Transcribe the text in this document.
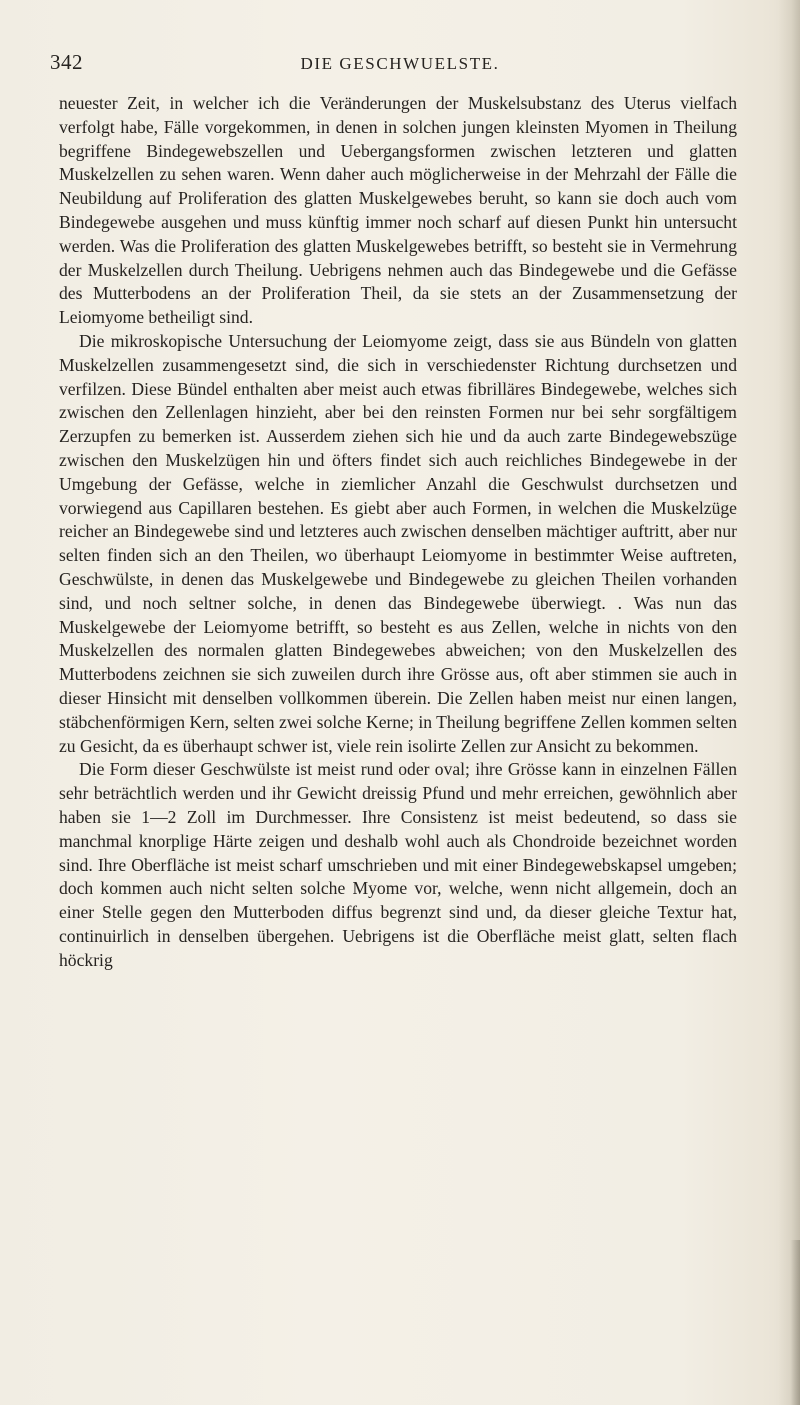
342	DIE GESCHWUELSTE.

neuester Zeit, in welcher ich die Veränderungen der Muskelsubstanz des Uterus vielfach verfolgt habe, Fälle vorgekommen, in denen in solchen jungen kleinsten Myomen in Theilung begriffene Bindegewebszellen und Uebergangsformen zwischen letzteren und glatten Muskelzellen zu sehen waren. Wenn daher auch möglicherweise in der Mehrzahl der Fälle die Neubildung auf Proliferation des glatten Muskelgewebes beruht, so kann sie doch auch vom Bindegewebe ausgehen und muss künftig immer noch scharf auf diesen Punkt hin untersucht werden. Was die Proliferation des glatten Muskelgewebes betrifft, so besteht sie in Vermehrung der Muskelzellen durch Theilung. Uebrigens nehmen auch das Bindegewebe und die Gefässe des Mutterbodens an der Proliferation Theil, da sie stets an der Zusammensetzung der Leiomyome betheiligt sind.

Die mikroskopische Untersuchung der Leiomyome zeigt, dass sie aus Bündeln von glatten Muskelzellen zusammengesetzt sind, die sich in verschiedenster Richtung durchsetzen und verfilzen. Diese Bündel enthalten aber meist auch etwas fibrilläres Bindegewebe, welches sich zwischen den Zellenlagen hinzieht, aber bei den reinsten Formen nur bei sehr sorgfältigem Zerzupfen zu bemerken ist. Ausserdem ziehen sich hie und da auch zarte Bindegewebszüge zwischen den Muskelzügen hin und öfters findet sich auch reichliches Bindegewebe in der Umgebung der Gefässe, welche in ziemlicher Anzahl die Geschwulst durchsetzen und vorwiegend aus Capillaren bestehen. Es giebt aber auch Formen, in welchen die Muskelzüge reicher an Bindegewebe sind und letzteres auch zwischen denselben mächtiger auftritt, aber nur selten finden sich an den Theilen, wo überhaupt Leiomyome in bestimmter Weise auftreten, Geschwülste, in denen das Muskelgewebe und Bindegewebe zu gleichen Theilen vorhanden sind, und noch seltner solche, in denen das Bindegewebe überwiegt. . Was nun das Muskelgewebe der Leiomyome betrifft, so besteht es aus Zellen, welche in nichts von den Muskelzellen des normalen glatten Bindegewebes abweichen; von den Muskelzellen des Mutterbodens zeichnen sie sich zuweilen durch ihre Grösse aus, oft aber stimmen sie auch in dieser Hinsicht mit denselben vollkommen überein. Die Zellen haben meist nur einen langen, stäbchenförmigen Kern, selten zwei solche Kerne; in Theilung begriffene Zellen kommen selten zu Gesicht, da es überhaupt schwer ist, viele rein isolirte Zellen zur Ansicht zu bekommen.

Die Form dieser Geschwülste ist meist rund oder oval; ihre Grösse kann in einzelnen Fällen sehr beträchtlich werden und ihr Gewicht dreissig Pfund und mehr erreichen, gewöhnlich aber haben sie 1—2 Zoll im Durchmesser. Ihre Consistenz ist meist bedeutend, so dass sie manchmal knorplige Härte zeigen und deshalb wohl auch als Chondroide bezeichnet worden sind. Ihre Oberfläche ist meist scharf umschrieben und mit einer Bindegewebskapsel umgeben; doch kommen auch nicht selten solche Myome vor, welche, wenn nicht allgemein, doch an einer Stelle gegen den Mutterboden diffus begrenzt sind und, da dieser gleiche Textur hat, continuirlich in denselben übergehen. Uebrigens ist die Oberfläche meist glatt, selten flach höckrig
